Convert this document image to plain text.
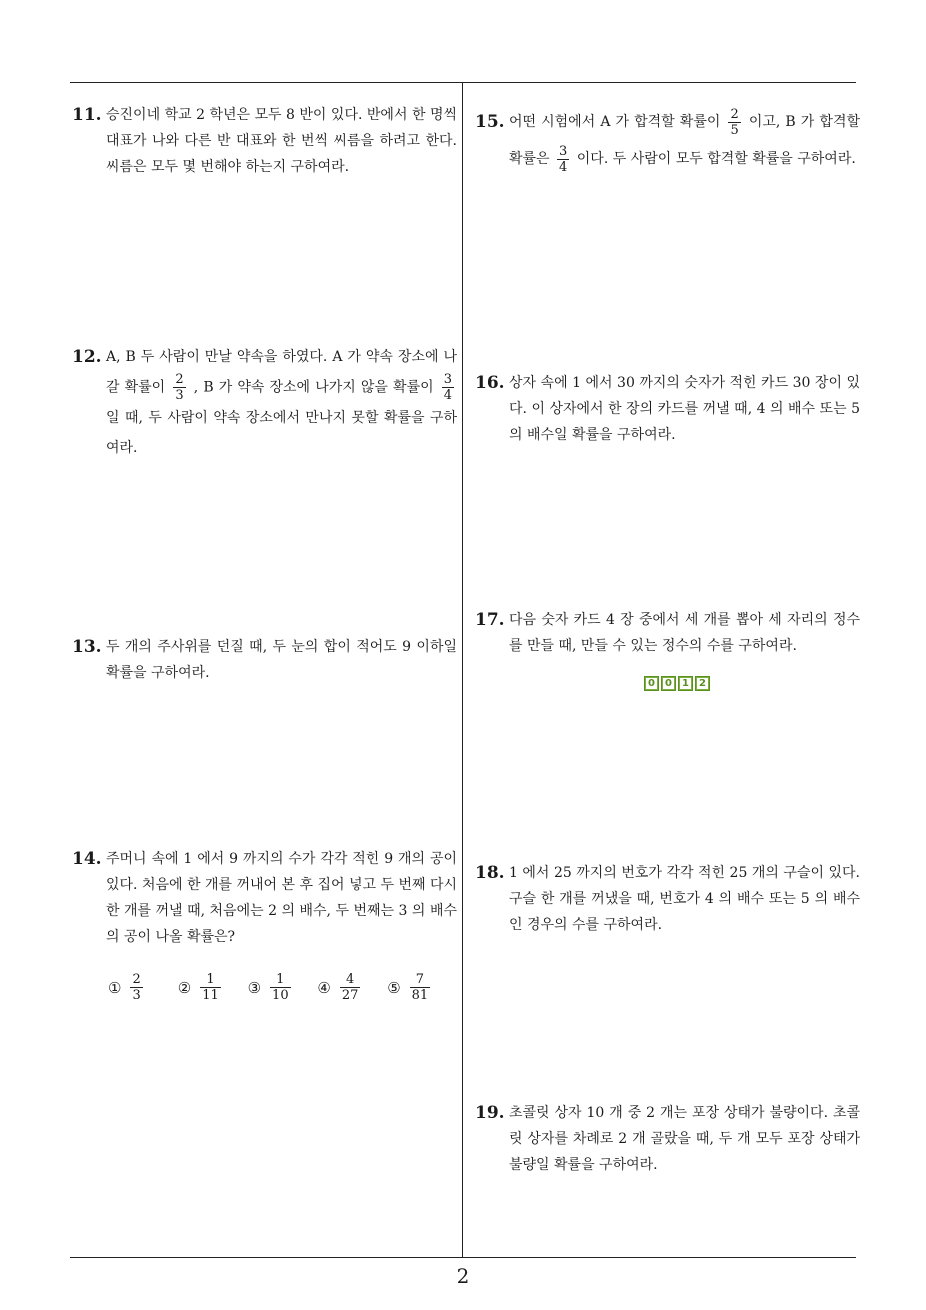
11. 승진이네 학교 2 학년은 모두 8 반이 있다. 반에서 한 명씩 대표가 나와 다른 반 대표와 한 번씩 씨름을 하려고 한다. 씨름은 모두 몇 번해야 하는지 구하여라.
12. A, B 두 사람이 만날 약속을 하였다. A 가 약속 장소에 나갈 확률이 $\frac{2}{3}$ , B 가 약속 장소에 나가지 않을 확률이 $\frac{3}{4}$
일 때, 두 사람이 약속 장소에서 만나지 못할 확률을 구하여라.
13. 두 개의 주사위를 던질 때, 두 눈의 합이 적어도 9 이하일 확률을 구하여라.
14. 주머니 속에 1 에서 9 까지의 수가 각각 적힌 9 개의 공이 있다. 처음에 한 개를 꺼내어 본 후 집어 넣고 두 번째 다시 한 개를 꺼낼 때, 처음에는 2 의 배수, 두 번째는 3 의 배수의 공이 나올 확률은?
① $\frac{2}{3}$ ② $\frac{1}{11}$ ③ $\frac{1}{10}$ ④ $\frac{4}{27}$ ⑤ $\frac{7}{81}$
15. 어떤 시험에서 A 가 합격할 확률이 $\frac{2}{5}$ 이고, B 가 합격할 확률은 $\frac{3}{4}$ 이다. 두 사람이 모두 합격할 확률을 구하여라.
16. 상자 속에 1 에서 30 까지의 숫자가 적힌 카드 30 장이 있다. 이 상자에서 한 장의 카드를 꺼낼 때, 4 의 배수 또는 5 의 배수일 확률을 구하여라.
17. 다음 숫자 카드 4 장 중에서 세 개를 뽑아 세 자리의 정수를 만들 때, 만들 수 있는 정수의 수를 구하여라.
0 0 1 2
18. 1 에서 25 까지의 번호가 각각 적힌 25 개의 구슬이 있다. 구슬 한 개를 꺼냈을 때, 번호가 4 의 배수 또는 5 의 배수인 경우의 수를 구하여라.
19. 초콜릿 상자 10 개 중 2 개는 포장 상태가 불량이다. 초콜릿 상자를 차례로 2 개 골랐을 때, 두 개 모두 포장 상태가 불량일 확률을 구하여라.
2
